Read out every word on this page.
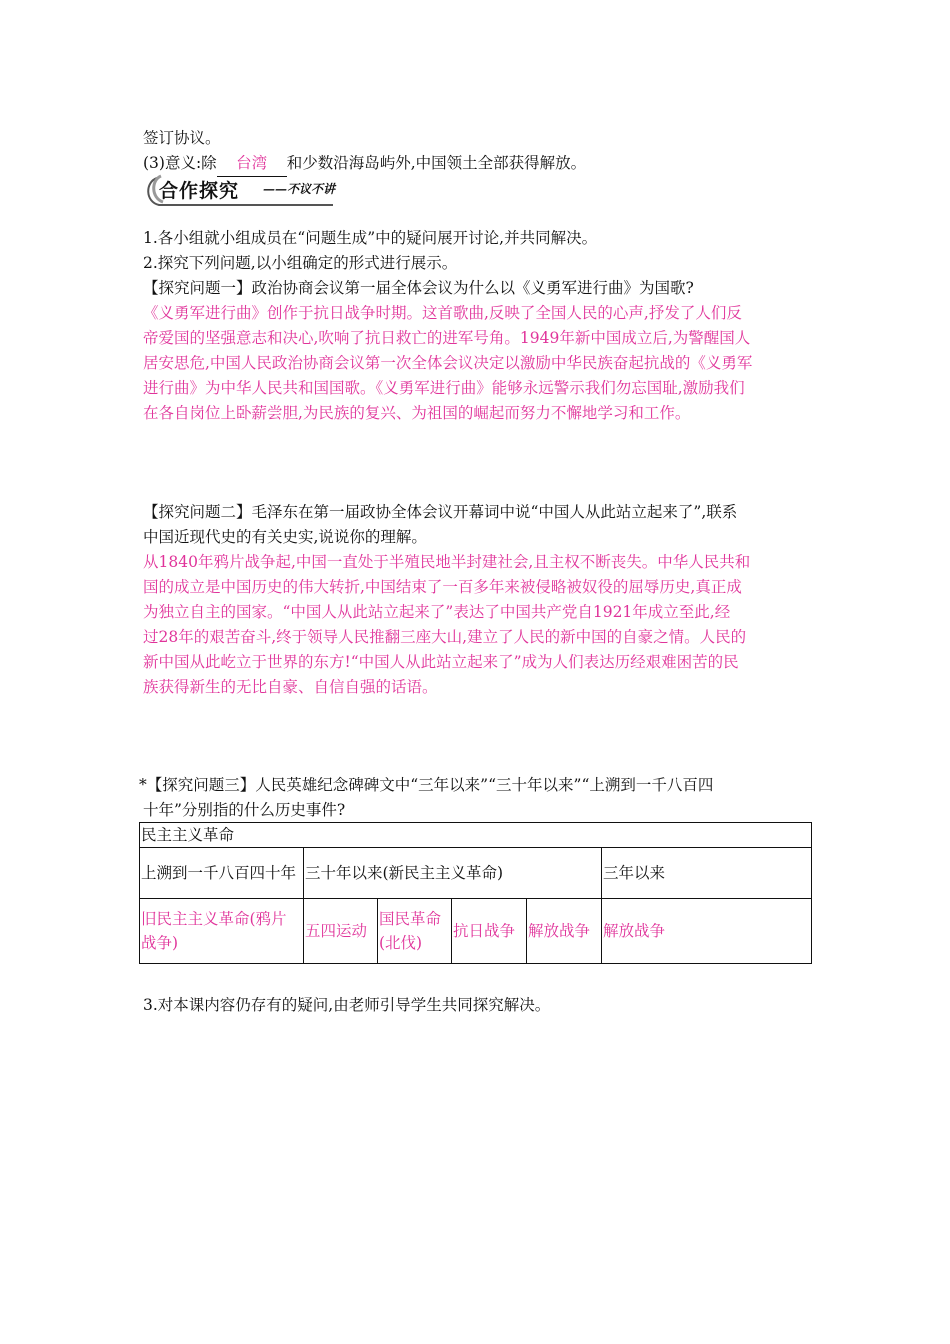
签订协议。
(3)意义:除 台湾 和少数沿海岛屿外,中国领土全部获得解放。
合作探究 ——不议不讲
1.各小组就小组成员在“问题生成”中的疑问展开讨论,并共同解决。
2.探究下列问题,以小组确定的形式进行展示。
【探究问题一】政治协商会议第一届全体会议为什么以《义勇军进行曲》为国歌?
《义勇军进行曲》创作于抗日战争时期。这首歌曲,反映了全国人民的心声,抒发了人们反
帝爱国的坚强意志和决心,吹响了抗日救亡的进军号角。1949年新中国成立后,为警醒国人
居安思危,中国人民政治协商会议第一次全体会议决定以激励中华民族奋起抗战的《义勇军
进行曲》为中华人民共和国国歌。《义勇军进行曲》能够永远警示我们勿忘国耻,激励我们
在各自岗位上卧薪尝胆,为民族的复兴、为祖国的崛起而努力不懈地学习和工作。
【探究问题二】毛泽东在第一届政协全体会议开幕词中说“中国人从此站立起来了”,联系
中国近现代史的有关史实,说说你的理解。
从1840年鸦片战争起,中国一直处于半殖民地半封建社会,且主权不断丧失。中华人民共和
国的成立是中国历史的伟大转折,中国结束了一百多年来被侵略被奴役的屈辱历史,真正成
为独立自主的国家。“中国人从此站立起来了”表达了中国共产党自1921年成立至此,经
过28年的艰苦奋斗,终于领导人民推翻三座大山,建立了人民的新中国的自豪之情。人民的
新中国从此屹立于世界的东方!“中国人从此站立起来了”成为人们表达历经艰难困苦的民
族获得新生的无比自豪、自信自强的话语。
*【探究问题三】人民英雄纪念碑碑文中“三年以来”“三十年以来”“上溯到一千八百四
十年”分别指的什么历史事件?
民主主义革命					
上溯到一千八百四十年	三十年以来(新民主主义革命)				三年以来
旧民主主义革命(鸦片战争)	五四运动	国民革命(北伐)	抗日战争	解放战争	解放战争
3.对本课内容仍存有的疑问,由老师引导学生共同探究解决。
